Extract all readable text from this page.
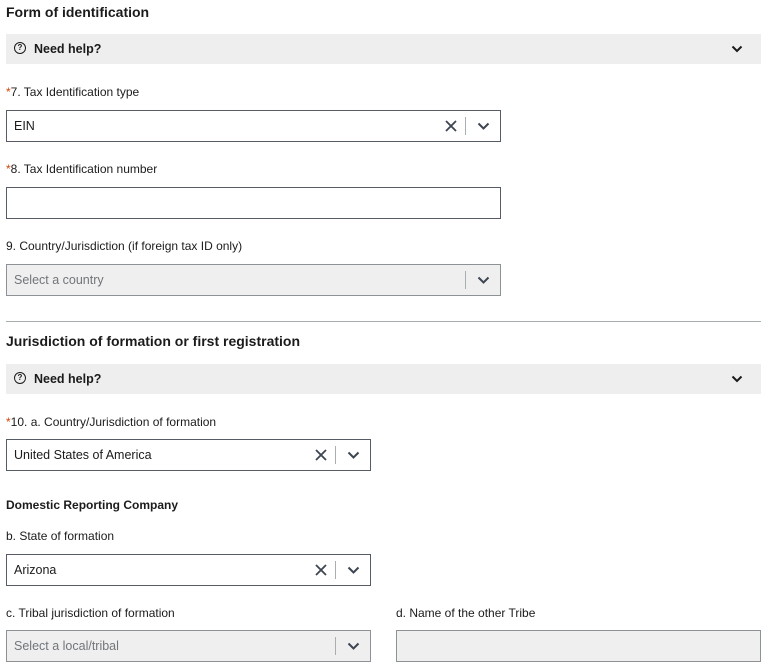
Form of identification
? Need help?
*7. Tax Identification type
EIN
*8. Tax Identification number
9. Country/Jurisdiction (if foreign tax ID only)
Select a country
Jurisdiction of formation or first registration
? Need help?
*10. a. Country/Jurisdiction of formation
United States of America
Domestic Reporting Company
b. State of formation
Arizona
c. Tribal jurisdiction of formation
Select a local/tribal
d. Name of the other Tribe
